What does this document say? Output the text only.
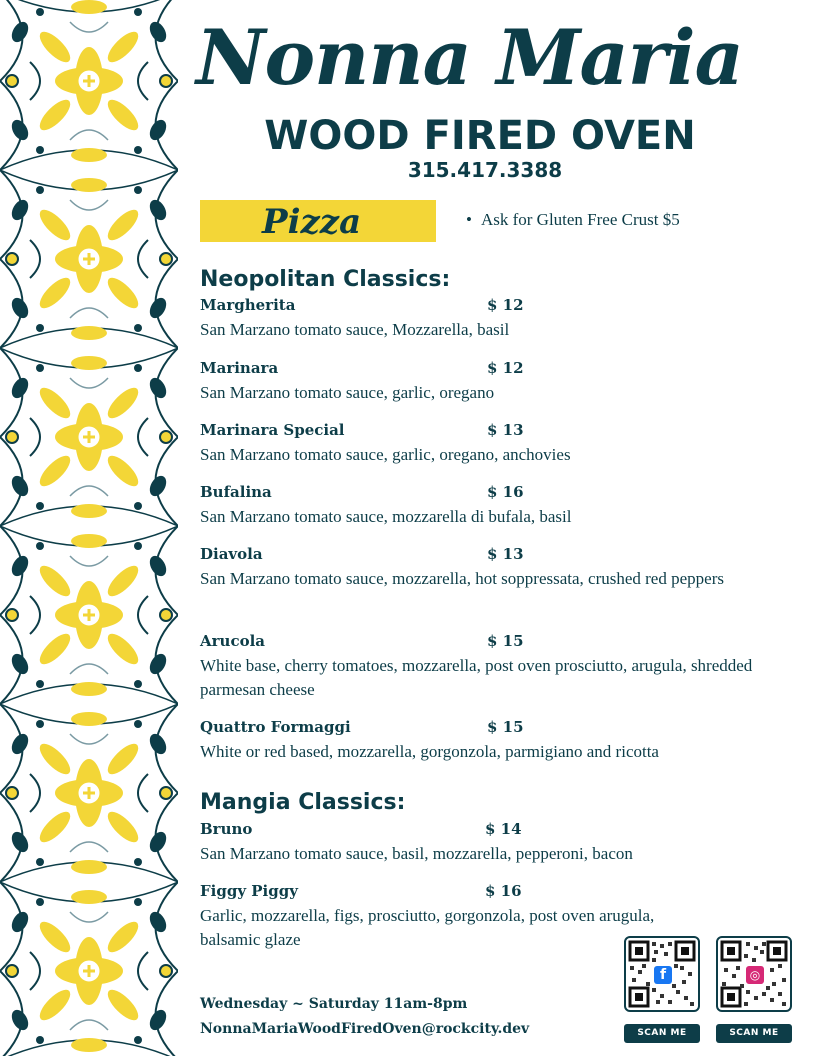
Nonna Maria
WOOD FIRED OVEN
315.417.3388
Pizza	• Ask for Gluten Free Crust $5
Neopolitan Classics:
Margherita	$ 12
San Marzano tomato sauce, Mozzarella, basil
Marinara	$ 12
San Marzano tomato sauce, garlic, oregano
Marinara Special	$ 13
San Marzano tomato sauce, garlic, oregano, anchovies
Bufalina	$ 16
San Marzano tomato sauce, mozzarella di bufala, basil
Diavola	$ 13
San Marzano tomato sauce, mozzarella, hot soppressata, crushed red peppers
Arucola	$ 15
White base, cherry tomatoes, mozzarella, post oven prosciutto, arugula, shredded parmesan cheese
Quattro Formaggi	$ 15
White or red based, mozzarella, gorgonzola, parmigiano and ricotta
Mangia Classics:
Bruno	$ 14
San Marzano tomato sauce, basil, mozzarella, pepperoni, bacon
Figgy Piggy	$ 16
Garlic, mozzarella, figs, prosciutto, gorgonzola, post oven arugula, balsamic glaze
Wednesday ~ Saturday 11am-8pm
NonnaMariaWoodFiredOven@rockcity.dev
f
SCAN ME
◎
SCAN ME
